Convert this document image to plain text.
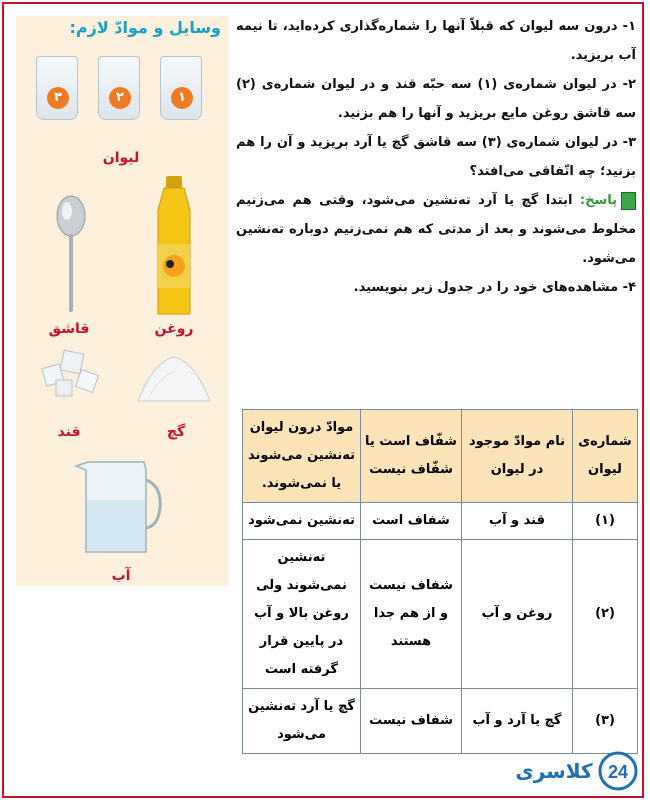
وسایل و موادّ لازم:
۳	۲	۱
لیوان
قاشق	روغن
قند	گچ
آب

۱- درون سه لیوان که قبلاً آنها را شماره‌گذاری کرده‌اید، تا نیمه آب بریزید.

۲- در لیوان شماره‌ی (۱) سه حبّه قند و در لیوان شماره‌ی (۲) سه قاشق روغن مایع بریزید و آنها را هم بزنید.

۳- در لیوان شماره‌ی (۳) سه قاشق گچ یا آرد بریزید و آن را هم بزنید؛ چه اتّفاقی می‌افتد؟

پاسخ: ابتدا گچ یا آرد ته‌نشین می‌شود، وقتی هم می‌زنیم مخلوط می‌شوند و بعد از مدتی که هم نمی‌زنیم دوباره ته‌نشین می‌شود.

۴- مشاهده‌های خود را در جدول زیر بنویسید.

شماره‌ی لیوان	نام موادّ موجود در لیوان	شفّاف است یا شفّاف نیست	موادّ درون لیوان ته‌نشین می‌شوند یا نمی‌شوند.
(۱)	قند و آب	شفاف است	ته‌نشین نمی‌شود
(۲)	روغن و آب	شفاف نیست و از هم جدا هستند	ته‌نشین نمی‌شوند ولی روغن بالا و آب در پایین قرار گرفته است
(۳)	گچ یا آرد و آب	شفاف نیست	گچ یا آرد ته‌نشین می‌شود
24
کلاسری
